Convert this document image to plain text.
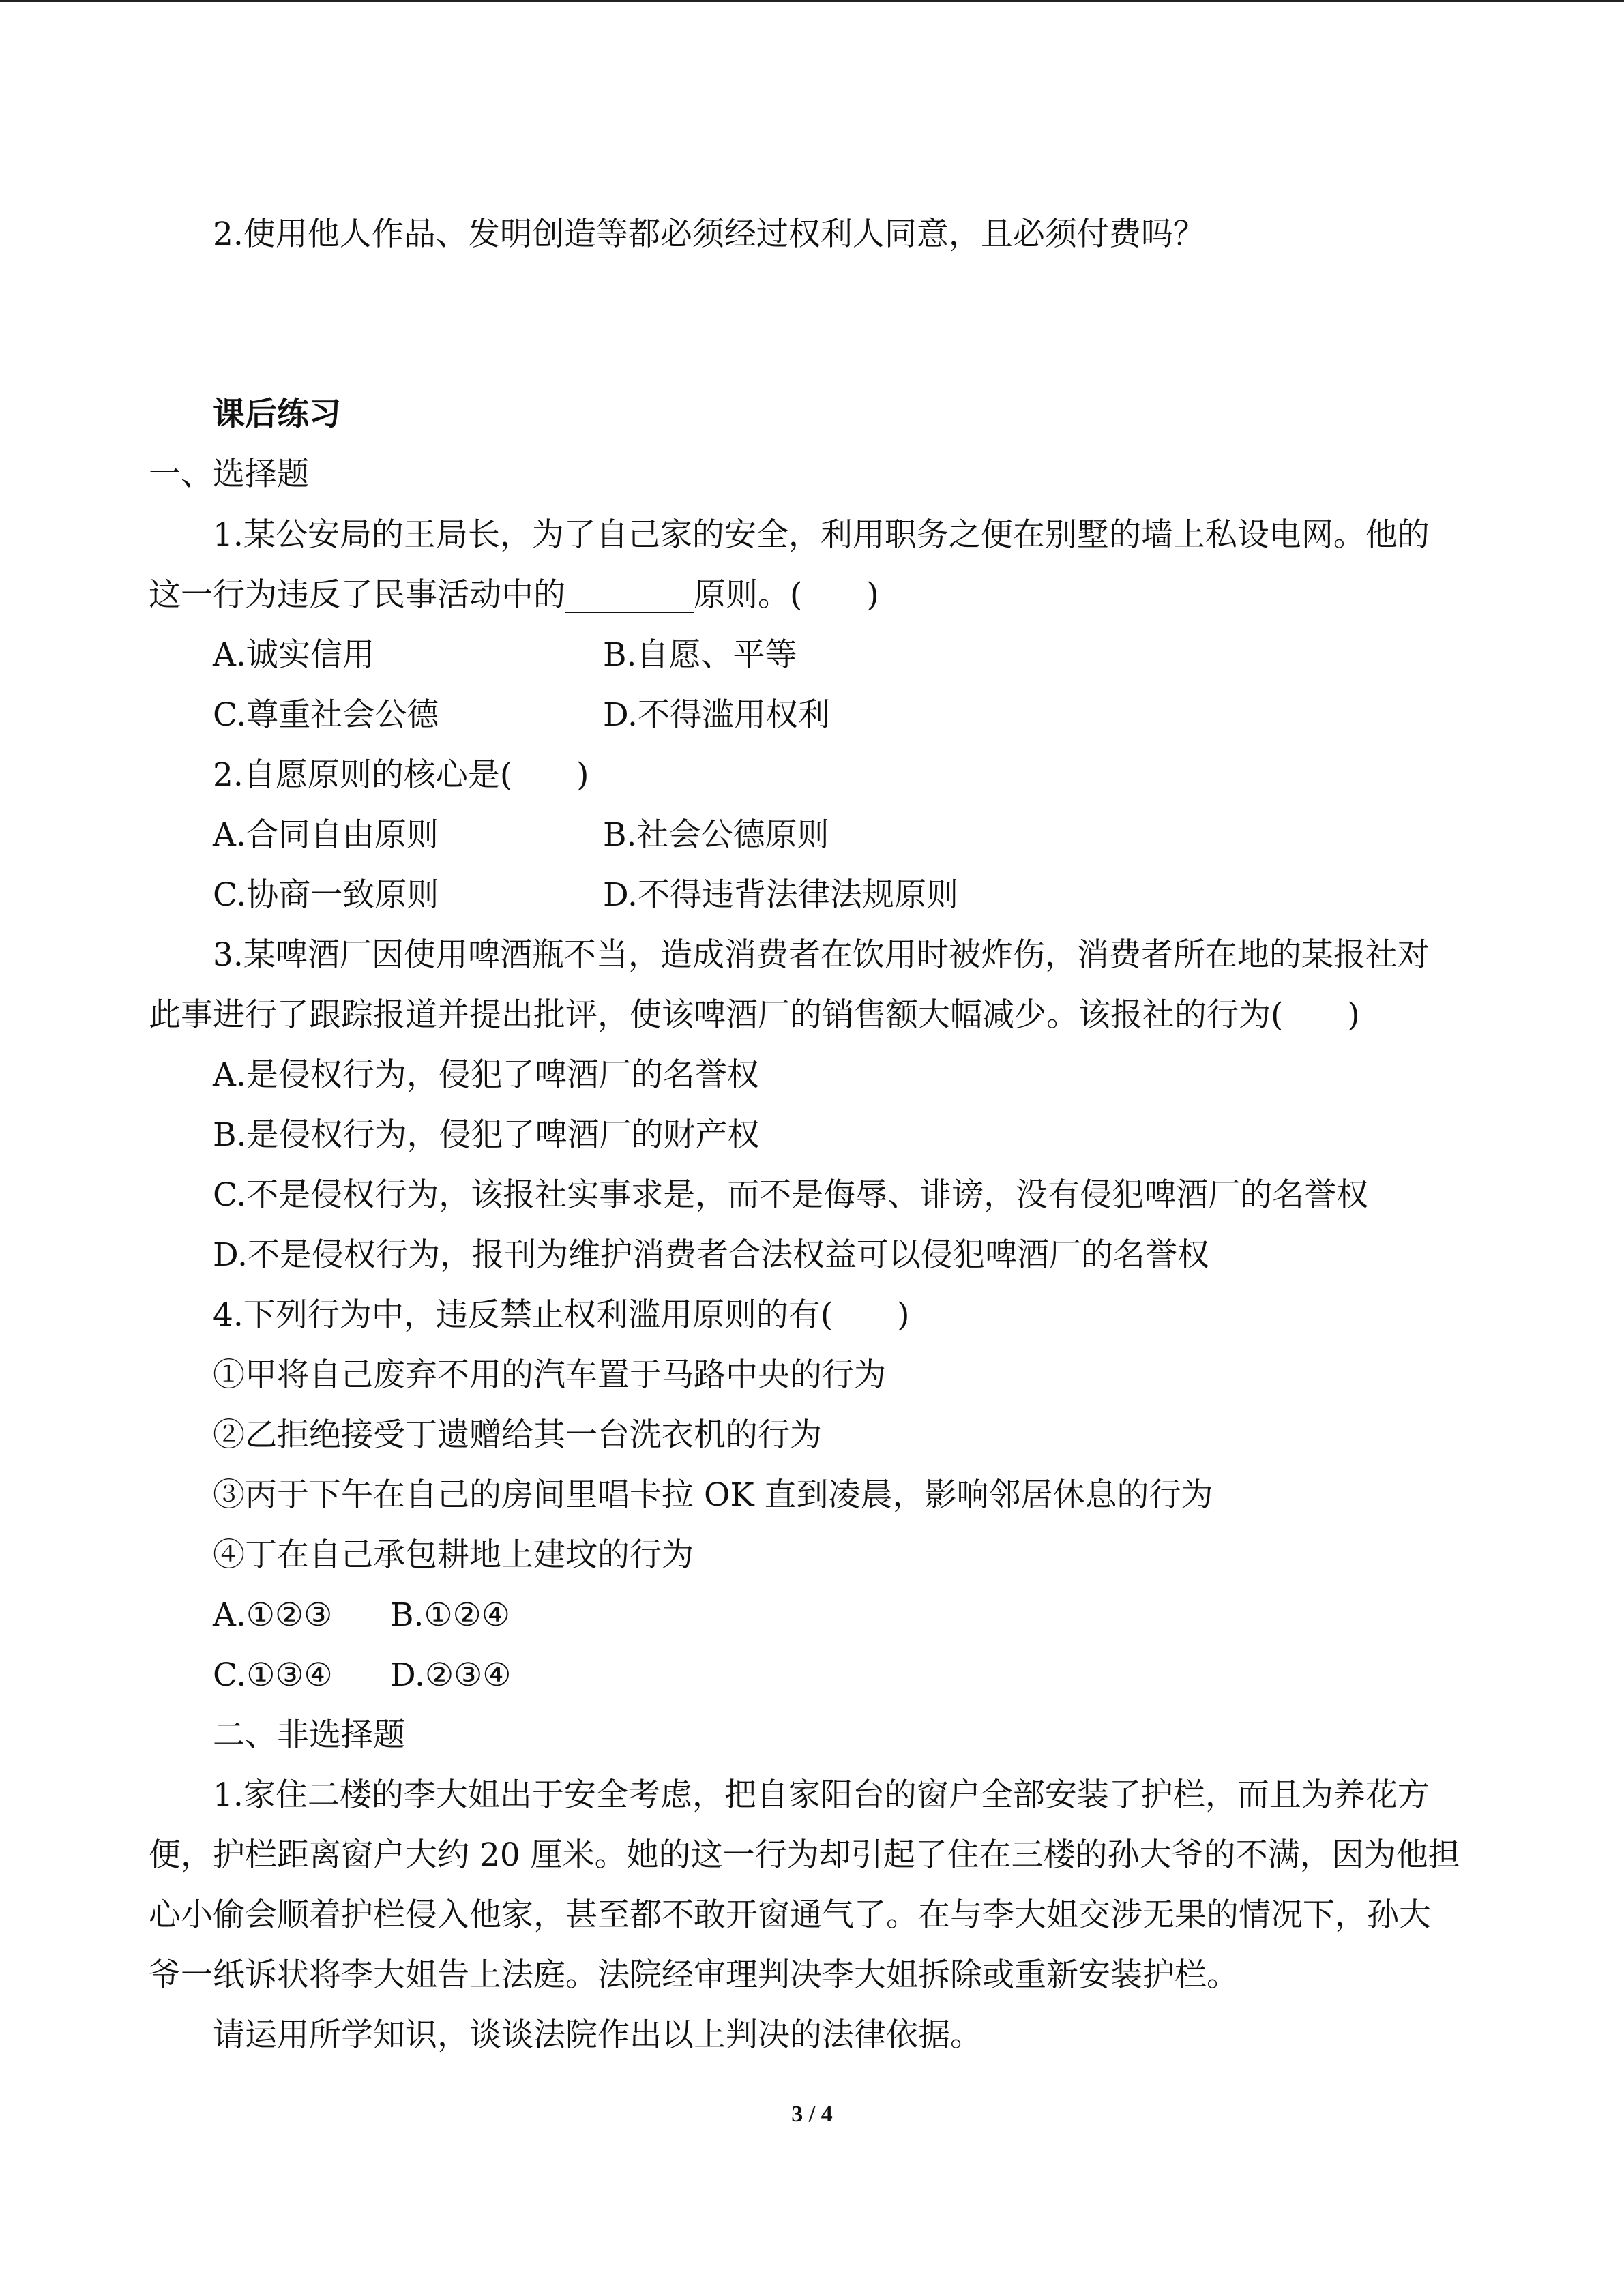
2.使用他人作品、发明创造等都必须经过权利人同意，且必须付费吗？

课后练习

一、选择题

1.某公安局的王局长，为了自己家的安全，利用职务之便在别墅的墙上私设电网。他的

这一行为违反了民事活动中的________原则。(　　)

A.诚实信用	B.自愿、平等

C.尊重社会公德	D.不得滥用权利

2.自愿原则的核心是(　　)

A.合同自由原则	B.社会公德原则

C.协商一致原则	D.不得违背法律法规原则

3.某啤酒厂因使用啤酒瓶不当，造成消费者在饮用时被炸伤，消费者所在地的某报社对

此事进行了跟踪报道并提出批评，使该啤酒厂的销售额大幅减少。该报社的行为(　　)

A.是侵权行为，侵犯了啤酒厂的名誉权

B.是侵权行为，侵犯了啤酒厂的财产权

C.不是侵权行为，该报社实事求是，而不是侮辱、诽谤，没有侵犯啤酒厂的名誉权

D.不是侵权行为，报刊为维护消费者合法权益可以侵犯啤酒厂的名誉权

4.下列行为中，违反禁止权利滥用原则的有(　　)

①甲将自己废弃不用的汽车置于马路中央的行为

②乙拒绝接受丁遗赠给其一台洗衣机的行为

③丙于下午在自己的房间里唱卡拉 OK 直到凌晨，影响邻居休息的行为

④丁在自己承包耕地上建坟的行为

A.①②③ B.①②④

C.①③④ D.②③④

二、非选择题

1.家住二楼的李大姐出于安全考虑，把自家阳台的窗户全部安装了护栏，而且为养花方

便，护栏距离窗户大约 20 厘米。她的这一行为却引起了住在三楼的孙大爷的不满，因为他担

心小偷会顺着护栏侵入他家，甚至都不敢开窗通气了。在与李大姐交涉无果的情况下，孙大

爷一纸诉状将李大姐告上法庭。法院经审理判决李大姐拆除或重新安装护栏。

请运用所学知识，谈谈法院作出以上判决的法律依据。

3 / 4
